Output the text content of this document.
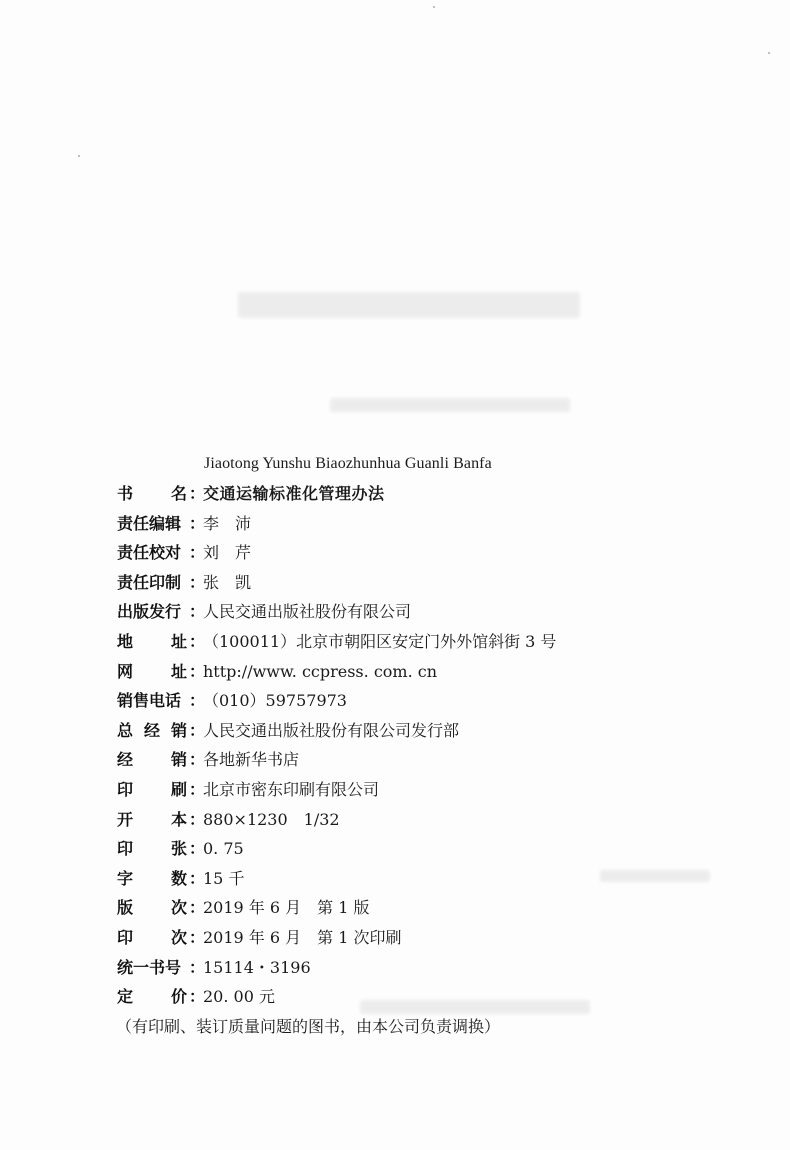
Jiaotong Yunshu Biaozhunhua Guanli Banfa
书名 ：
交通运输标准化管理办法
责任编辑 ：
李　沛
责任校对 ：
刘　芹
责任印制 ：
张　凯
出版发行 ：
人民交通出版社股份有限公司
地址 ：
（100011）北京市朝阳区安定门外外馆斜街 3 号
网址 ：
http://www. ccpress. com. cn
销售电话 ：
（010）59757973
总经销 ：
人民交通出版社股份有限公司发行部
经销 ：
各地新华书店
印刷 ：
北京市密东印刷有限公司
开本 ：
880×1230　1/32
印张 ：
0. 75
字数 ：
15 千
版次 ：
2019 年 6 月　第 1 版
印次 ：
2019 年 6 月　第 1 次印刷
统一书号 ：
15114・3196
定价 ：
20. 00 元
（有印刷、装订质量问题的图书，由本公司负责调换）
